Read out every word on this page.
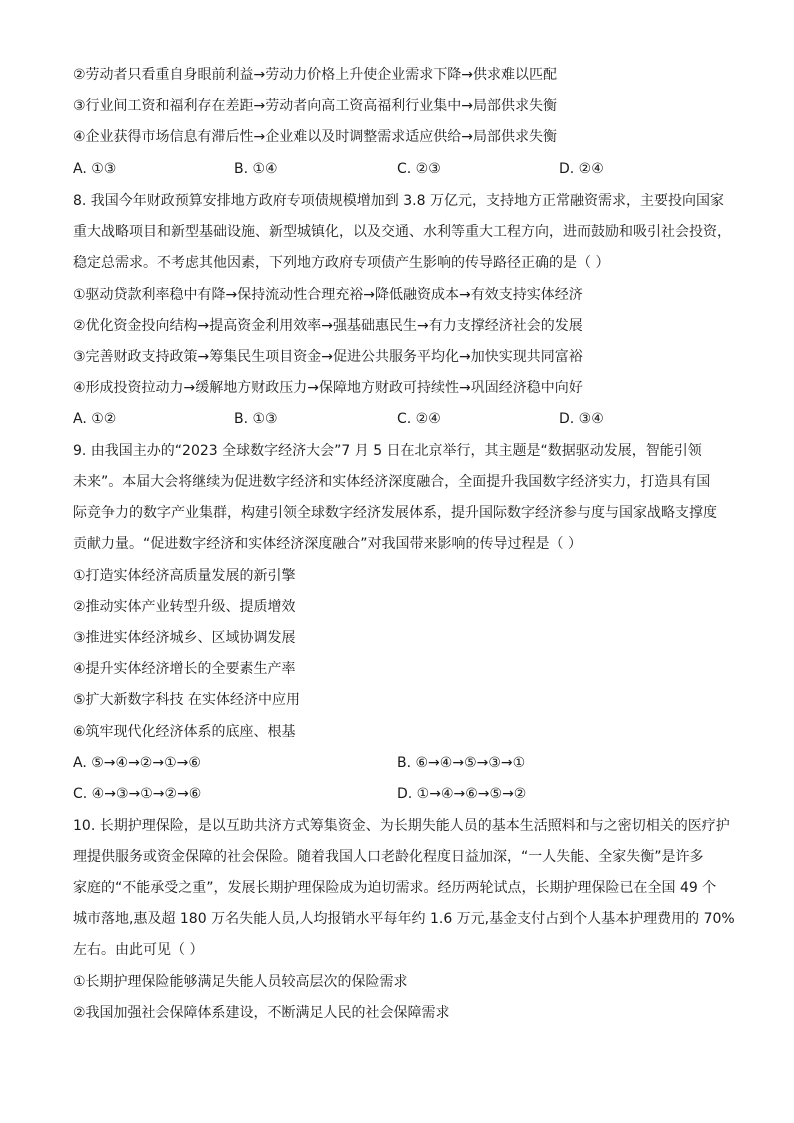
②劳动者只看重自身眼前利益→劳动力价格上升使企业需求下降→供求难以匹配
③行业间工资和福利存在差距→劳动者向高工资高福利行业集中→局部供求失衡
④企业获得市场信息有滞后性→企业难以及时调整需求适应供给→局部供求失衡
A. ①③	B. ①④	C. ②③	D. ②④
8. 我国今年财政预算安排地方政府专项债规模增加到 3.8 万亿元，支持地方正常融资需求，主要投向国家
重大战略项目和新型基础设施、新型城镇化，以及交通、水利等重大工程方向，进而鼓励和吸引社会投资，
稳定总需求。不考虑其他因素，下列地方政府专项债产生影响的传导路径正确的是（ ）
①驱动贷款利率稳中有降→保持流动性合理充裕→降低融资成本→有效支持实体经济
②优化资金投向结构→提高资金利用效率→强基础惠民生→有力支撑经济社会的发展
③完善财政支持政策→筹集民生项目资金→促进公共服务平均化→加快实现共同富裕
④形成投资拉动力→缓解地方财政压力→保障地方财政可持续性→巩固经济稳中向好
A. ①②	B. ①③	C. ②④	D. ③④
9. 由我国主办的“2023 全球数字经济大会”7 月 5 日在北京举行，其主题是“数据驱动发展，智能引领
未来”。本届大会将继续为促进数字经济和实体经济深度融合，全面提升我国数字经济实力，打造具有国
际竞争力的数字产业集群，构建引领全球数字经济发展体系，提升国际数字经济参与度与国家战略支撑度
贡献力量。“促进数字经济和实体经济深度融合”对我国带来影响的传导过程是（ ）
①打造实体经济高质量发展的新引擎
②推动实体产业转型升级、提质增效
③推进实体经济城乡、区域协调发展
④提升实体经济增长的全要素生产率
⑤扩大新数字科技 在实体经济中应用
⑥筑牢现代化经济体系的底座、根基
A. ⑤→④→②→①→⑥	B. ⑥→④→⑤→③→①
C. ④→③→①→②→⑥	D. ①→④→⑥→⑤→②
10. 长期护理保险，是以互助共济方式筹集资金、为长期失能人员的基本生活照料和与之密切相关的医疗护
理提供服务或资金保障的社会保险。随着我国人口老龄化程度日益加深，“一人失能、全家失衡”是许多
家庭的“不能承受之重”，发展长期护理保险成为迫切需求。经历两轮试点，长期护理保险已在全国 49 个
城市落地,惠及超 180 万名失能人员,人均报销水平每年约 1.6 万元,基金支付占到个人基本护理费用的 70%
左右。由此可见（ ）
①长期护理保险能够满足失能人员较高层次的保险需求
②我国加强社会保障体系建设，不断满足人民的社会保障需求
